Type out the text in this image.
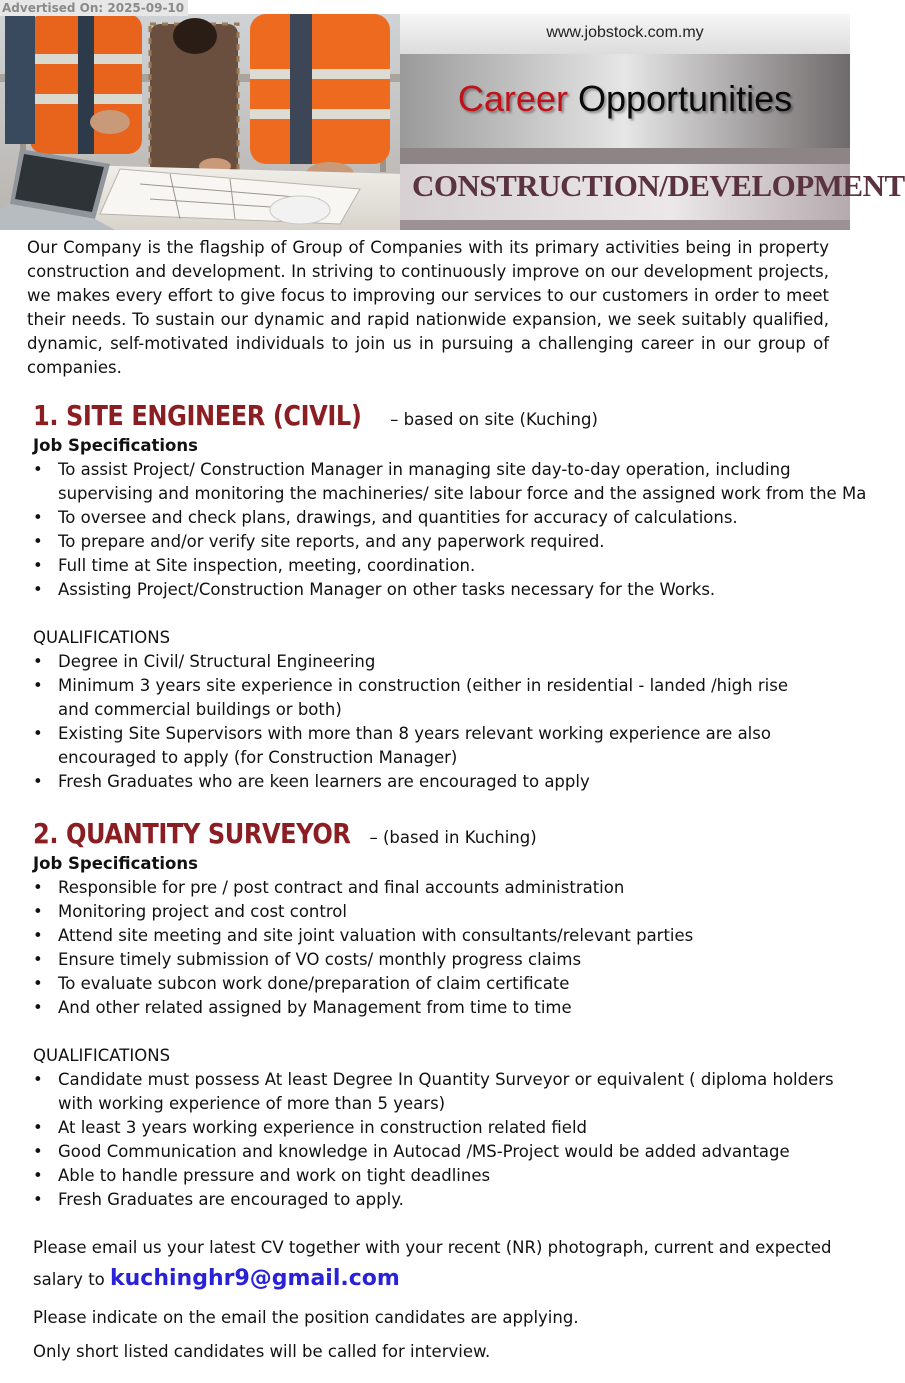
Advertised On: 2025-09-10
www.jobstock.com.my
Career Opportunities
CONSTRUCTION/DEVELOPMENT

Our Company is the flagship of Group of Companies with its primary activities being in property construction and development. In striving to continuously improve on our development projects, we makes every effort to give focus to improving our services to our customers in order to meet their needs. To sustain our dynamic and rapid nationwide expansion, we seek suitably qualified, dynamic, self-motivated individuals to join us in pursuing a challenging career in our group of companies.

1. SITE ENGINEER (CIVIL) – based on site (Kuching)
Job Specifications
• To assist Project/ Construction Manager in managing site day-to-day operation, including
supervising and monitoring the machineries/ site labour force and the assigned work from the Ma
• To oversee and check plans, drawings, and quantities for accuracy of calculations.
• To prepare and/or verify site reports, and any paperwork required.
• Full time at Site inspection, meeting, coordination.
• Assisting Project/Construction Manager on other tasks necessary for the Works.
QUALIFICATIONS
• Degree in Civil/ Structural Engineering
• Minimum 3 years site experience in construction (either in residential - landed /high rise
and commercial buildings or both)
• Existing Site Supervisors with more than 8 years relevant working experience are also
encouraged to apply (for Construction Manager)
• Fresh Graduates who are keen learners are encouraged to apply
2. QUANTITY SURVEYOR – (based in Kuching)
Job Specifications
• Responsible for pre / post contract and final accounts administration
• Monitoring project and cost control
• Attend site meeting and site joint valuation with consultants/relevant parties
• Ensure timely submission of VO costs/ monthly progress claims
• To evaluate subcon work done/preparation of claim certificate
• And other related assigned by Management from time to time
QUALIFICATIONS
• Candidate must possess At least Degree In Quantity Surveyor or equivalent ( diploma holders
with working experience of more than 5 years)
• At least 3 years working experience in construction related field
• Good Communication and knowledge in Autocad /MS-Project would be added advantage
• Able to handle pressure and work on tight deadlines
• Fresh Graduates are encouraged to apply.

Please email us your latest CV together with your recent (NR) photograph, current and expected

salary to kuchinghr9@gmail.com

Please indicate on the email the position candidates are applying.

Only short listed candidates will be called for interview.
